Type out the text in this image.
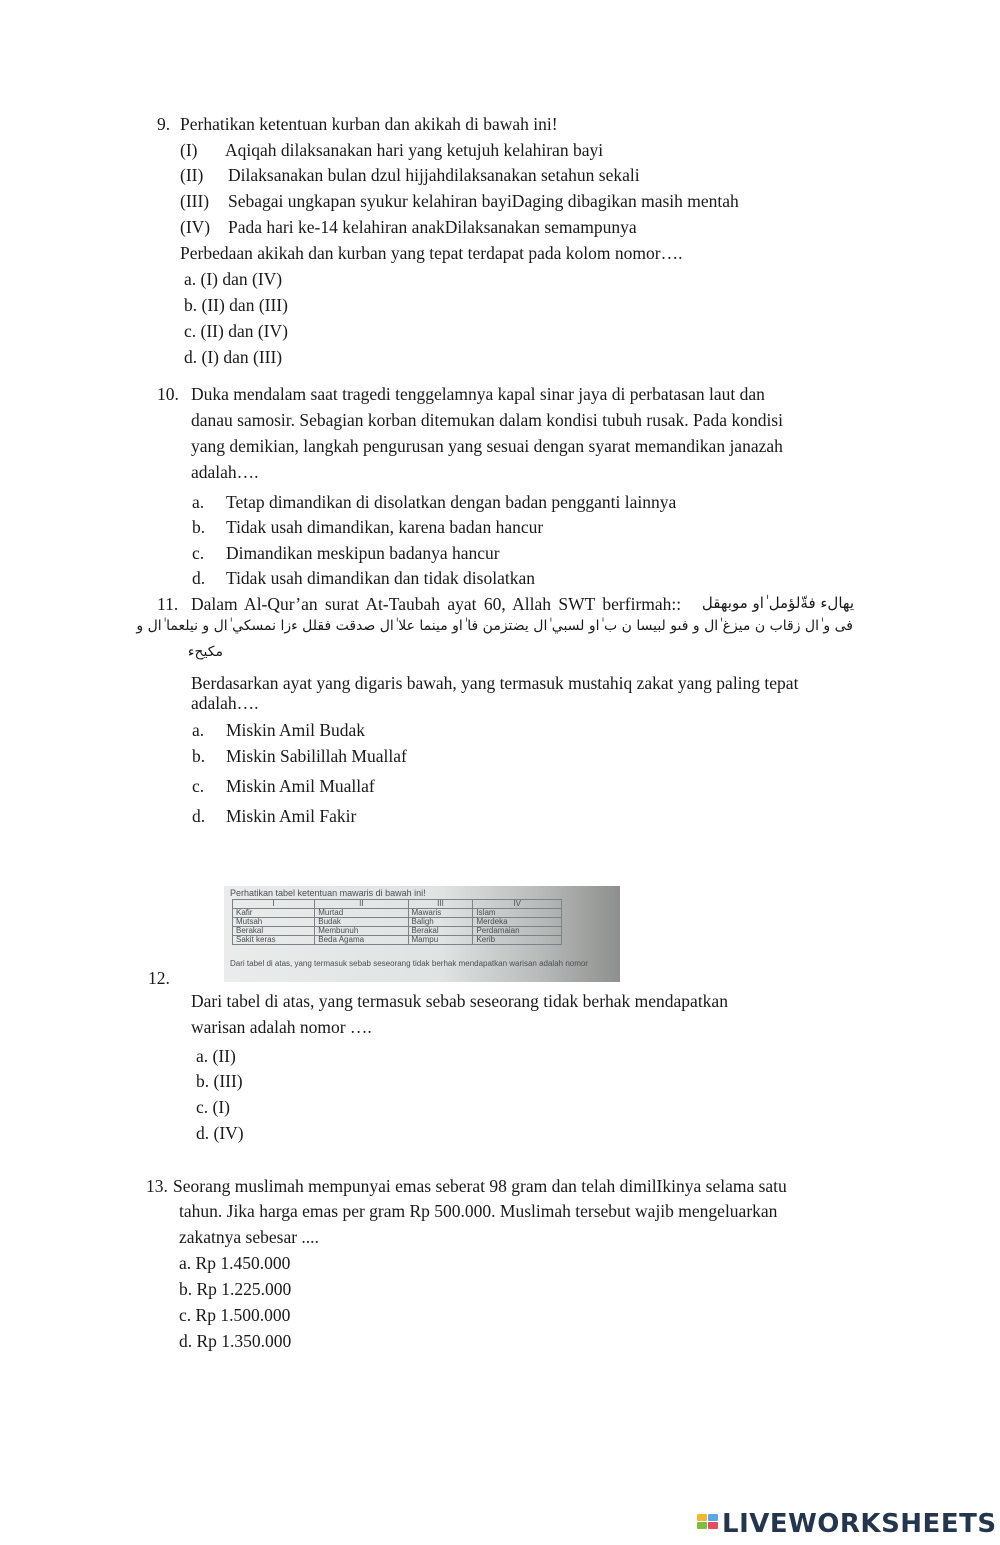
9. Perhatikan ketentuan kurban dan akikah di bawah ini!
(I) Aqiqah dilaksanakan hari yang ketujuh kelahiran bayi
(II) Dilaksanakan bulan dzul hijjahdilaksanakan setahun sekali
(III) Sebagai ungkapan syukur kelahiran bayiDaging dibagikan masih mentah
(IV) Pada hari ke-14 kelahiran anakDilaksanakan semampunya
Perbedaan akikah dan kurban yang tepat terdapat pada kolom nomor….
a. (I) dan (IV)
b. (II) dan (III)
c. (II) dan (IV)
d. (I) dan (III)
10. Duka mendalam saat tragedi tenggelamnya kapal sinar jaya di perbatasan laut dan
danau samosir. Sebagian korban ditemukan dalam kondisi tubuh rusak. Pada kondisi
yang demikian, langkah pengurusan yang sesuai dengan syarat memandikan janazah
adalah….
a. Tetap dimandikan di disolatkan dengan badan pengganti lainnya
b. Tidak usah dimandikan, karena badan hancur
c. Dimandikan meskipun badanya hancur
d. Tidak usah dimandikan dan tidak disolatkan
11. Dalam Al-Qur’an surat At-Taubah ayat 60, Allah SWT berfirmah:: يهالء فةّلؤمل ٰاو موبهقل
فى و ٰال زقاب ن ميزغ ٰال و فىو لبيسا ن ب ٰاو لسبي ٰال يضتزمن فا ٰاو مينما علا ٰال صدقت فقلل ءزا نمسكي ٰال و نيلعما ٰال و
مكيحء
Berdasarkan ayat yang digaris bawah, yang termasuk mustahiq zakat yang paling tepat
adalah….
a. Miskin Amil Budak
b. Miskin Sabilillah Muallaf
c. Miskin Amil Muallaf
d. Miskin Amil Fakir
Perhatikan tabel ketentuan mawaris di bawah ini!
I	II	III	IV
Kafir	Murtad	Mawaris	Islam
Mutsah	Budak	Baligh	Merdeka
Berakal	Membunuh	Berakal	Perdamaian
Sakit keras	Beda Agama	Mampu	Kerib
Dari tabel di atas, yang termasuk sebab seseorang tidak berhak mendapatkan warisan adalah nomor
12.
Dari tabel di atas, yang termasuk sebab seseorang tidak berhak mendapatkan
warisan adalah nomor ….
a. (II)
b. (III)
c. (I)
d. (IV)
13. Seorang muslimah mempunyai emas seberat 98 gram dan telah dimilIkinya selama satu
tahun. Jika harga emas per gram Rp 500.000. Muslimah tersebut wajib mengeluarkan
zakatnya sebesar ....
a. Rp 1.450.000
b. Rp 1.225.000
c. Rp 1.500.000
d. Rp 1.350.000
LIVEWORKSHEETS
